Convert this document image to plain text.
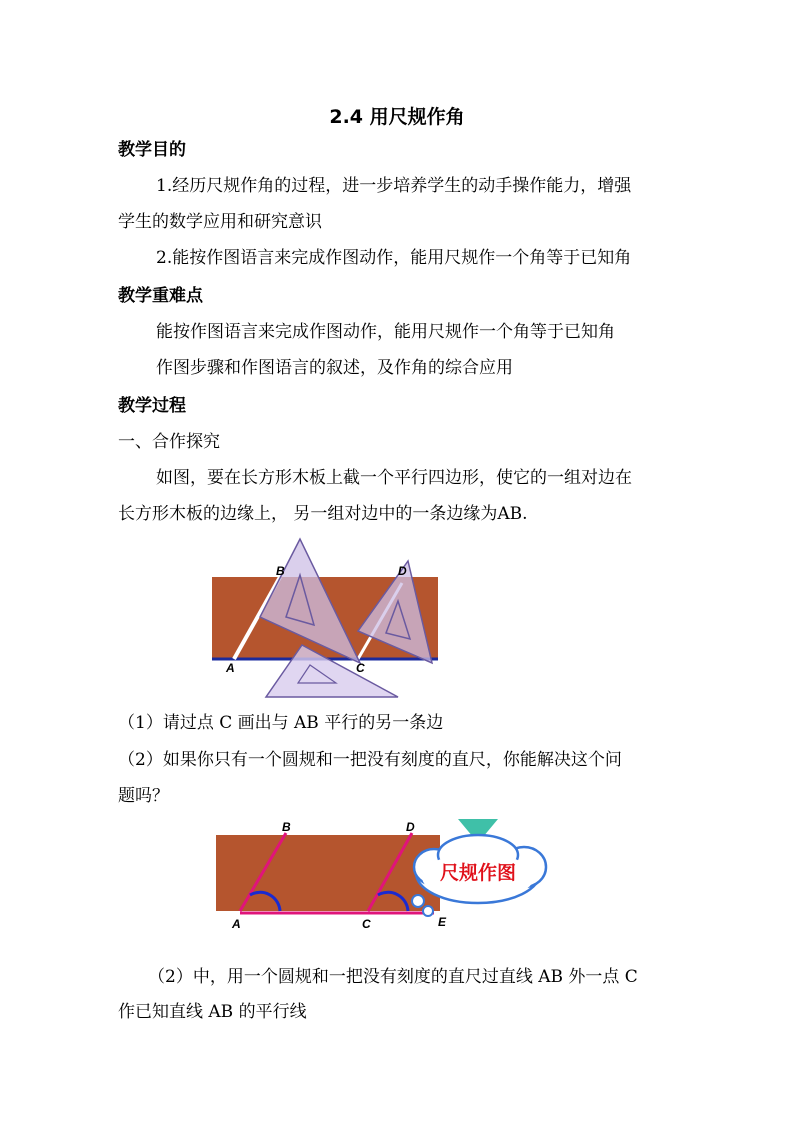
2.4 用尺规作角
教学目的
1.经历尺规作角的过程，进一步培养学生的动手操作能力，增强
学生的数学应用和研究意识
2.能按作图语言来完成作图动作，能用尺规作一个角等于已知角
教学重难点
能按作图语言来完成作图动作，能用尺规作一个角等于已知角
作图步骤和作图语言的叙述，及作角的综合应用
教学过程
一、合作探究
如图，要在长方形木板上截一个平行四边形，使它的一组对边在
长方形木板的边缘上， 另一组对边中的一条边缘为AB.
A
B
C
D
（1）请过点 C 画出与 AB 平行的另一条边
（2）如果你只有一个圆规和一把没有刻度的直尺，你能解决这个问
题吗？
尺规作图
A
B
C
D
E
（2）中，用一个圆规和一把没有刻度的直尺过直线 AB 外一点 C
作已知直线 AB 的平行线
